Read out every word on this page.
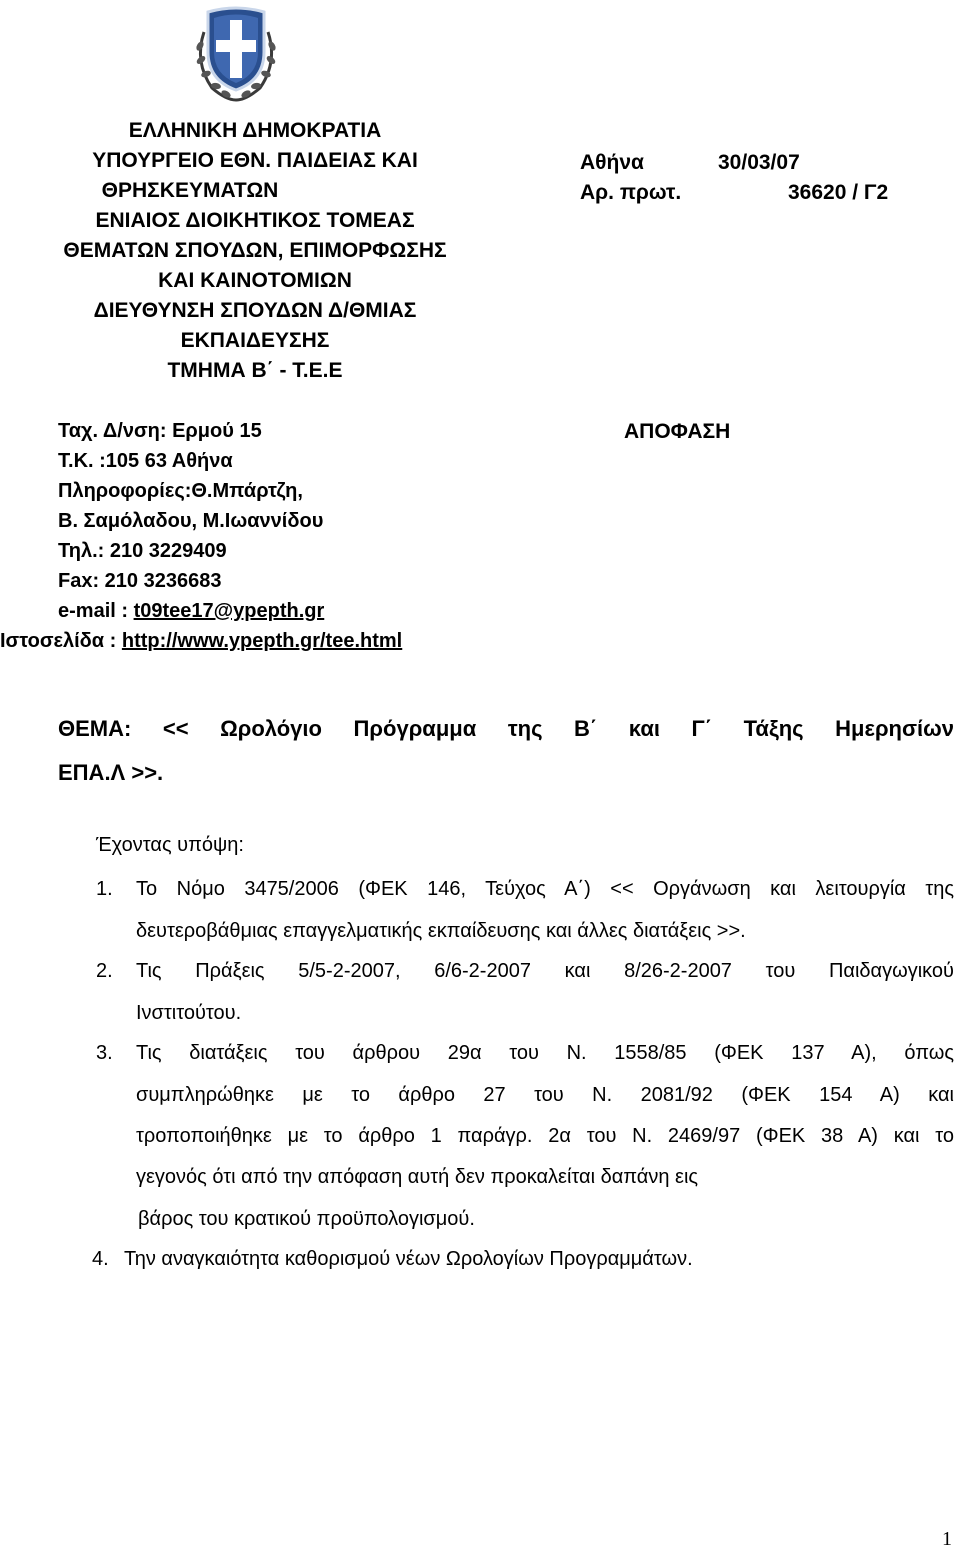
ΕΛΛΗΝΙΚΗ ΔΗΜΟΚΡΑΤΙΑ
ΥΠΟΥΡΓΕΙΟ ΕΘΝ. ΠΑΙΔΕΙΑΣ ΚΑΙ
ΘΡΗΣΚΕΥΜΑΤΩΝ
ΕΝΙΑΙΟΣ ΔΙΟΙΚΗΤΙΚΟΣ ΤΟΜΕΑΣ
ΘΕΜΑΤΩΝ ΣΠΟΥΔΩΝ, ΕΠΙΜΟΡΦΩΣΗΣ
ΚΑΙ ΚΑΙΝΟΤΟΜΙΩΝ
ΔΙΕΥΘΥΝΣΗ ΣΠΟΥΔΩΝ Δ/ΘΜΙΑΣ
ΕΚΠΑΙΔΕΥΣΗΣ
ΤΜΗΜΑ Β΄ - Τ.Ε.Ε
Αθήνα	30/03/07
Αρ. πρωτ.	36620 / Γ2
Ταχ. Δ/νση: Ερμού 15
Τ.Κ. :105 63 Αθήνα
Πληροφορίες:Θ.Μπάρτζη,
Β. Σαμόλαδου, Μ.Ιωαννίδου
Τηλ.: 210 3229409
Fax: 210 3236683
e-mail : t09tee17@ypepth.gr
Ιστοσελίδα : http://www.ypepth.gr/tee.html
ΑΠΟΦΑΣΗ
ΘΕΜΑ: << Ωρολόγιο Πρόγραμμα της Β΄ και Γ΄ Τάξης Ημερησίων
ΕΠΑ.Λ >>.
Έχοντας υπόψη:
1. Το Νόμο 3475/2006 (ΦΕΚ 146, Τεύχος Α΄) << Οργάνωση και λειτουργία της
δευτεροβάθμιας επαγγελματικής εκπαίδευσης και άλλες διατάξεις >>.
2. Τις Πράξεις 5/5-2-2007, 6/6-2-2007 και 8/26-2-2007 του Παιδαγωγικού
Ινστιτούτου.
3. Τις διατάξεις του άρθρου 29α του Ν. 1558/85 (ΦΕΚ 137 Α), όπως
συμπληρώθηκε με το άρθρο 27 του Ν. 2081/92 (ΦΕΚ 154 Α) και
τροποποιήθηκε με το άρθρο 1 παράγρ. 2α του Ν. 2469/97 (ΦΕΚ 38 Α) και το
γεγονός ότι από την απόφαση αυτή δεν προκαλείται δαπάνη εις
βάρος του κρατικού προϋπολογισμού.
4. Την αναγκαιότητα καθορισμού νέων Ωρολογίων Προγραμμάτων.
1
